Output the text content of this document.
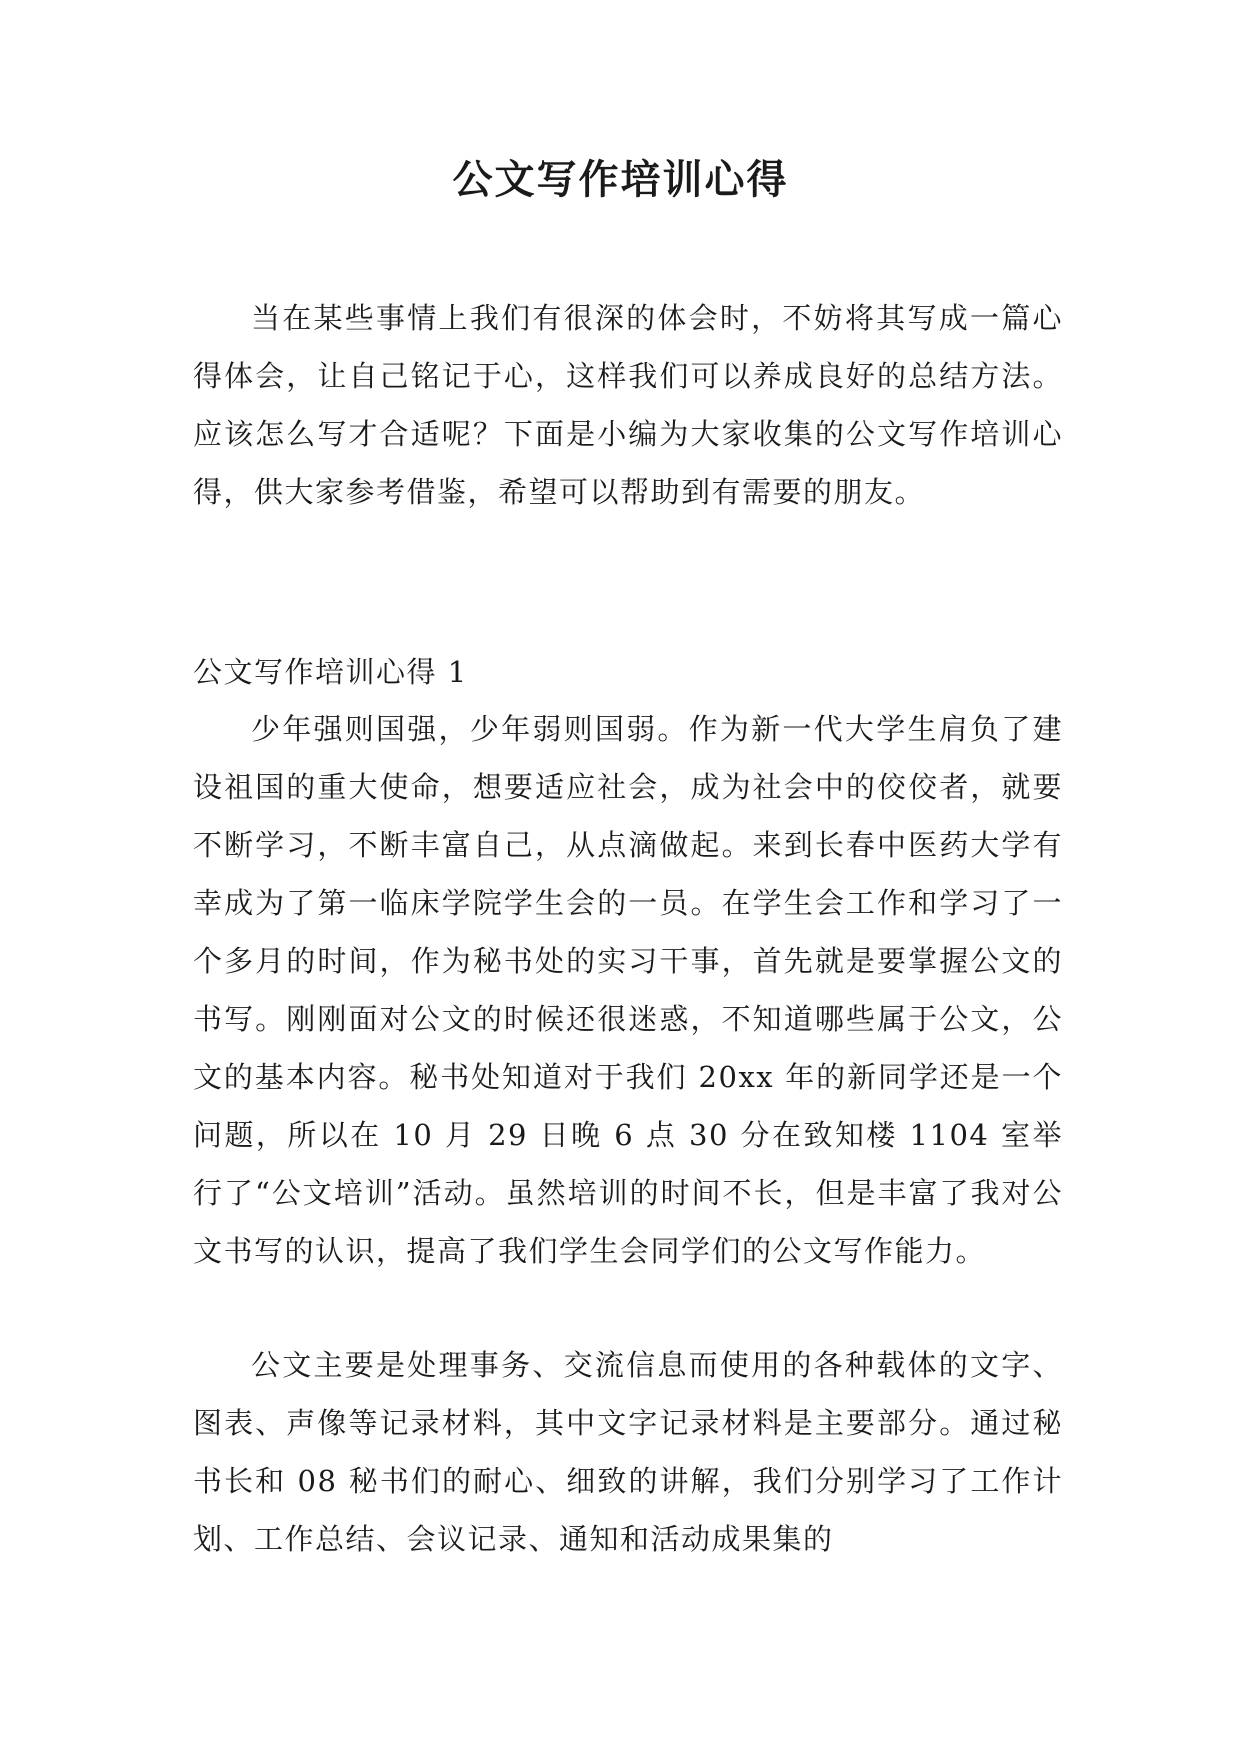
公文写作培训心得

当在某些事情上我们有很深的体会时，不妨将其写成一篇心得体会，让自己铭记于心，这样我们可以养成良好的总结方法。应该怎么写才合适呢？下面是小编为大家收集的公文写作培训心得，供大家参考借鉴，希望可以帮助到有需要的朋友。

公文写作培训心得 1

少年强则国强，少年弱则国弱。作为新一代大学生肩负了建设祖国的重大使命，想要适应社会，成为社会中的佼佼者，就要不断学习，不断丰富自己，从点滴做起。来到长春中医药大学有幸成为了第一临床学院学生会的一员。在学生会工作和学习了一个多月的时间，作为秘书处的实习干事，首先就是要掌握公文的书写。刚刚面对公文的时候还很迷惑，不知道哪些属于公文，公文的基本内容。秘书处知道对于我们 20xx 年的新同学还是一个问题，所以在 10 月 29 日晚 6 点 30 分在致知楼 1104 室举行了“公文培训”活动。虽然培训的时间不长，但是丰富了我对公文书写的认识，提高了我们学生会同学们的公文写作能力。

公文主要是处理事务、交流信息而使用的各种载体的文字、图表、声像等记录材料，其中文字记录材料是主要部分。通过秘书长和 08 秘书们的耐心、细致的讲解，我们分别学习了工作计划、工作总结、会议记录、通知和活动成果集的
